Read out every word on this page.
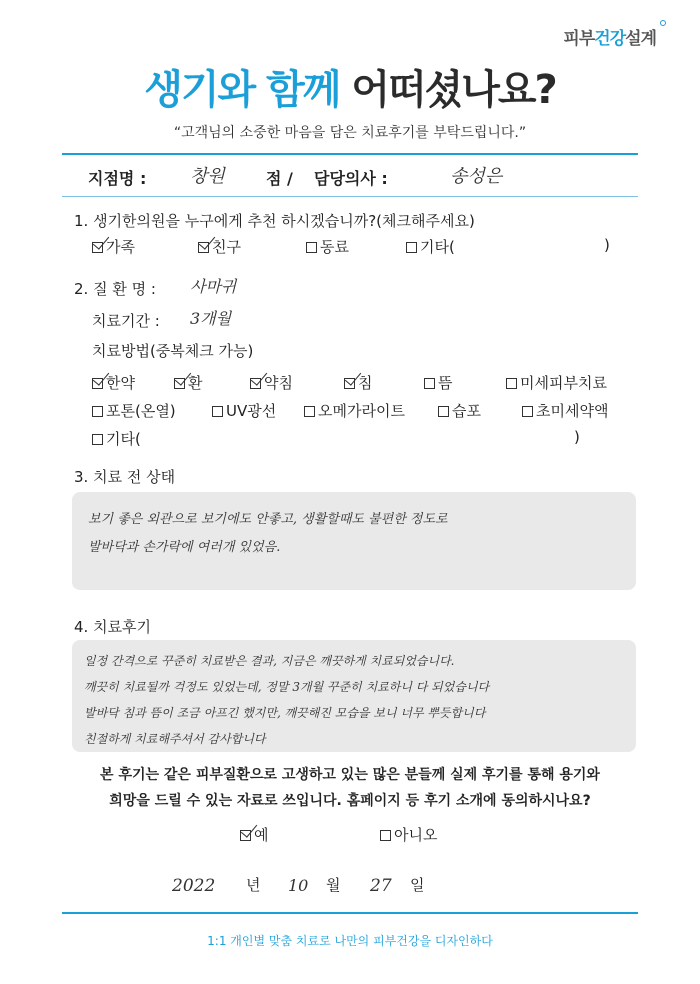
피부건강설계
생기와 함께 어떠셨나요?
“고객님의 소중한 마음을 담은 치료후기를 부탁드립니다.”
지점명 : 창원	점 / 담당의사 :	송성은
1. 생기한의원을 누구에게 추천 하시겠습니까?(체크해주세요)
가족	친구	동료	기타(	)
2. 질 환 명 : 사마귀
치료기간 : 3개월
치료방법(중복체크 가능)
한약	환	약침	침	뜸	미세피부치료
포톤(온열)	UV광선	오메가라이트	습포	초미세약액
기타(	)
3. 치료 전 상태
보기 좋은 외관으로 보기에도 안좋고, 생활할때도 불편한 정도로
발바닥과 손가락에 여러개 있었음.
4. 치료후기
일정 간격으로 꾸준히 치료받은 결과, 지금은 깨끗하게 치료되었습니다.
깨끗히 치료될까 걱정도 있었는데, 정말 3개월 꾸준히 치료하니 다 되었습니다
발바닥 침과 뜸이 조금 아프긴 했지만, 깨끗해진 모습을 보니 너무 뿌듯합니다
친절하게 치료해주셔서 감사합니다
본 후기는 같은 피부질환으로 고생하고 있는 많은 분들께 실제 후기를 통해 용기와
희망을 드릴 수 있는 자료로 쓰입니다. 홈페이지 등 후기 소개에 동의하시나요?
예	아니오
2022 년 10 월 27 일
1:1 개인별 맞춤 치료로 나만의 피부건강을 디자인하다
